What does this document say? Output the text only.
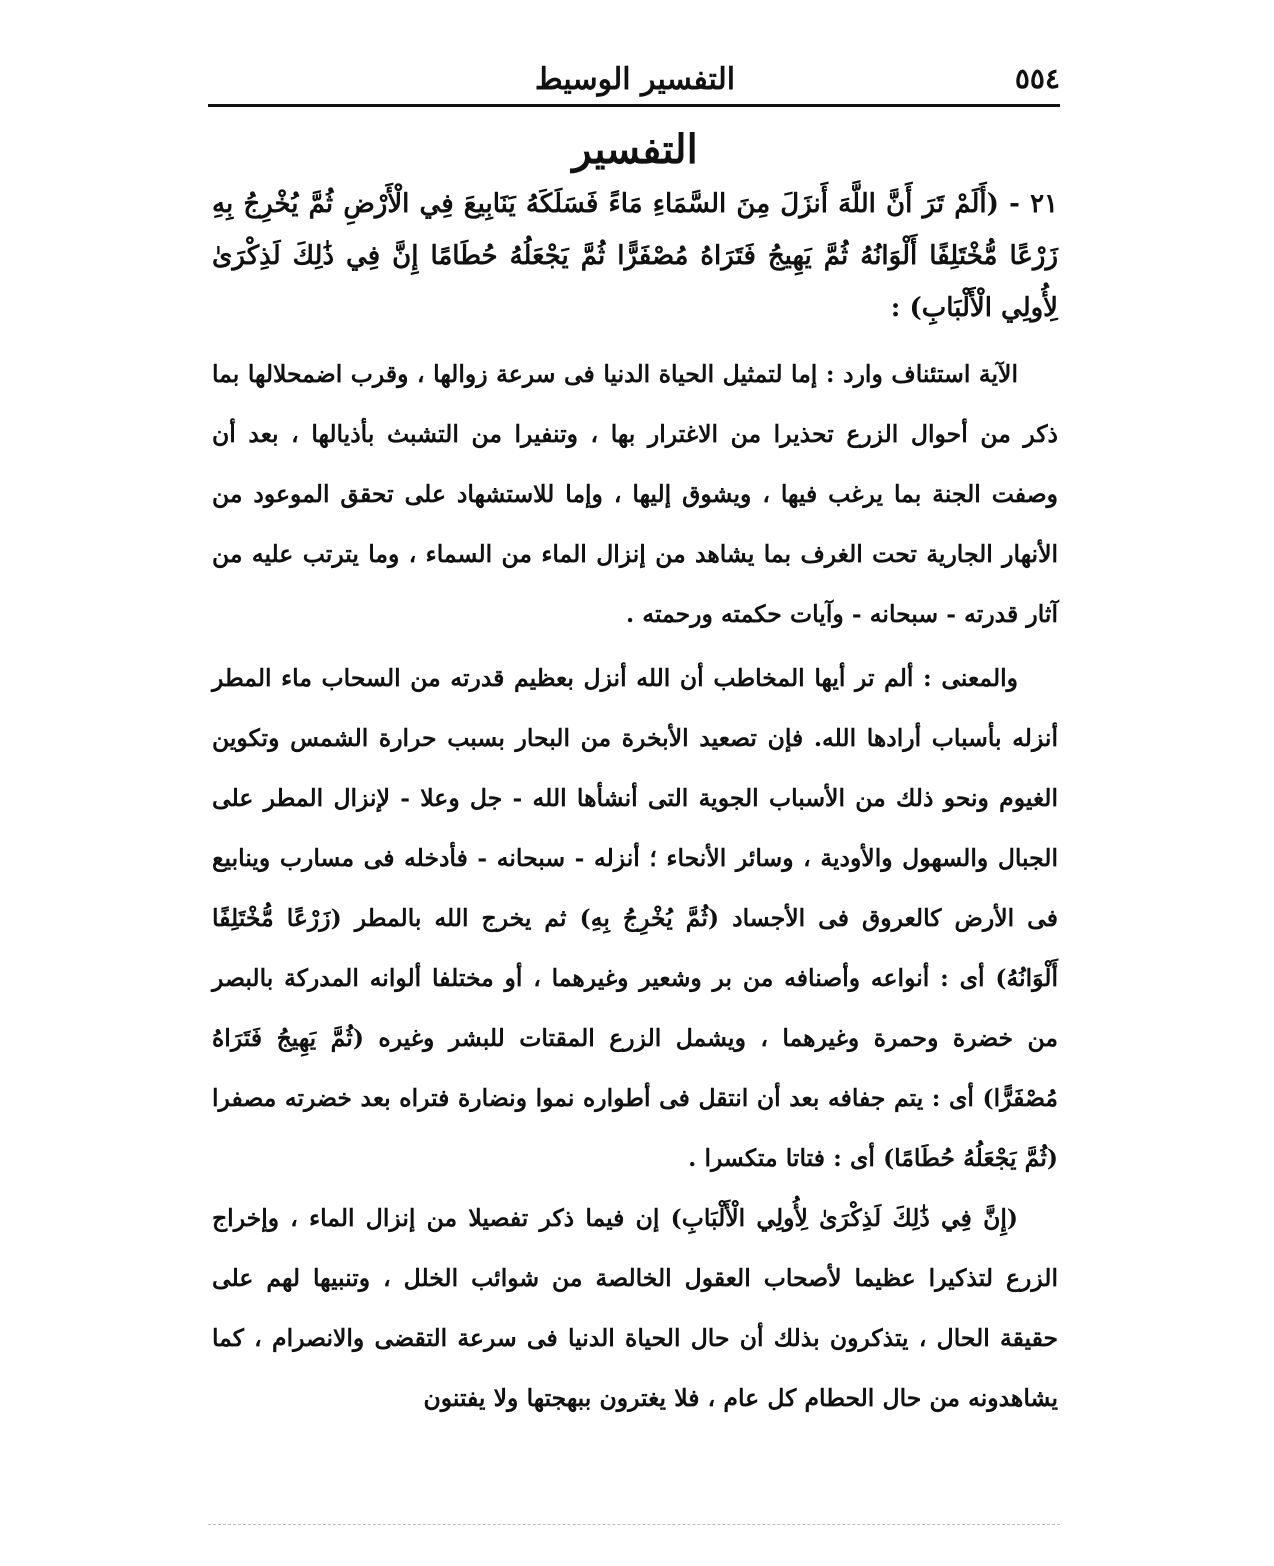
٥٥٤
التفسير الوسيط
التفسير
٢١ - (أَلَمْ تَرَ أَنَّ اللَّهَ أَنزَلَ مِنَ السَّمَاءِ مَاءً فَسَلَكَهُ يَنَابِيعَ فِي الْأَرْضِ ثُمَّ يُخْرِجُ بِهِ زَرْعًا مُّخْتَلِفًا أَلْوَانُهُ ثُمَّ يَهِيجُ فَتَرَاهُ مُصْفَرًّا ثُمَّ يَجْعَلُهُ حُطَامًا إِنَّ فِي ذَٰلِكَ لَذِكْرَىٰ لِأُولِي الْأَلْبَابِ) :
الآية استئناف وارد : إما لتمثيل الحياة الدنيا فى سرعة زوالها ، وقرب اضمحلالها بما ذكر من أحوال الزرع تحذيرا من الاغترار بها ، وتنفيرا من التشبث بأذيالها ، بعد أن وصفت الجنة بما يرغب فيها ، ويشوق إليها ، وإما للاستشهاد على تحقق الموعود من الأنهار الجارية تحت الغرف بما يشاهد من إنزال الماء من السماء ، وما يترتب عليه من آثار قدرته - سبحانه - وآيات حكمته ورحمته .
والمعنى : ألم تر أيها المخاطب أن الله أنزل بعظيم قدرته من السحاب ماء المطر أنزله بأسباب أرادها الله. فإن تصعيد الأبخرة من البحار بسبب حرارة الشمس وتكوين الغيوم ونحو ذلك من الأسباب الجوية التى أنشأها الله - جل وعلا - لإنزال المطر على الجبال والسهول والأودية ، وسائر الأنحاء ؛ أنزله - سبحانه - فأدخله فى مسارب وينابيع فى الأرض كالعروق فى الأجساد (ثُمَّ يُخْرِجُ بِهِ) ثم يخرج الله بالمطر (زَرْعًا مُّخْتَلِفًا أَلْوَانُهُ) أى : أنواعه وأصنافه من بر وشعير وغيرهما ، أو مختلفا ألوانه المدركة بالبصر من خضرة وحمرة وغيرهما ، ويشمل الزرع المقتات للبشر وغيره (ثُمَّ يَهِيجُ فَتَرَاهُ مُصْفَرًّا) أى : يتم جفافه بعد أن انتقل فى أطواره نموا ونضارة فتراه بعد خضرته مصفرا (ثُمَّ يَجْعَلُهُ حُطَامًا) أى : فتاتا متكسرا .
(إِنَّ فِي ذَٰلِكَ لَذِكْرَىٰ لِأُولِي الْأَلْبَابِ) إن فيما ذكر تفصيلا من إنزال الماء ، وإخراج الزرع لتذكيرا عظيما لأصحاب العقول الخالصة من شوائب الخلل ، وتنبيها لهم على حقيقة الحال ، يتذكرون بذلك أن حال الحياة الدنيا فى سرعة التقضى والانصرام ، كما يشاهدونه من حال الحطام كل عام ، فلا يغترون ببهجتها ولا يفتنون
